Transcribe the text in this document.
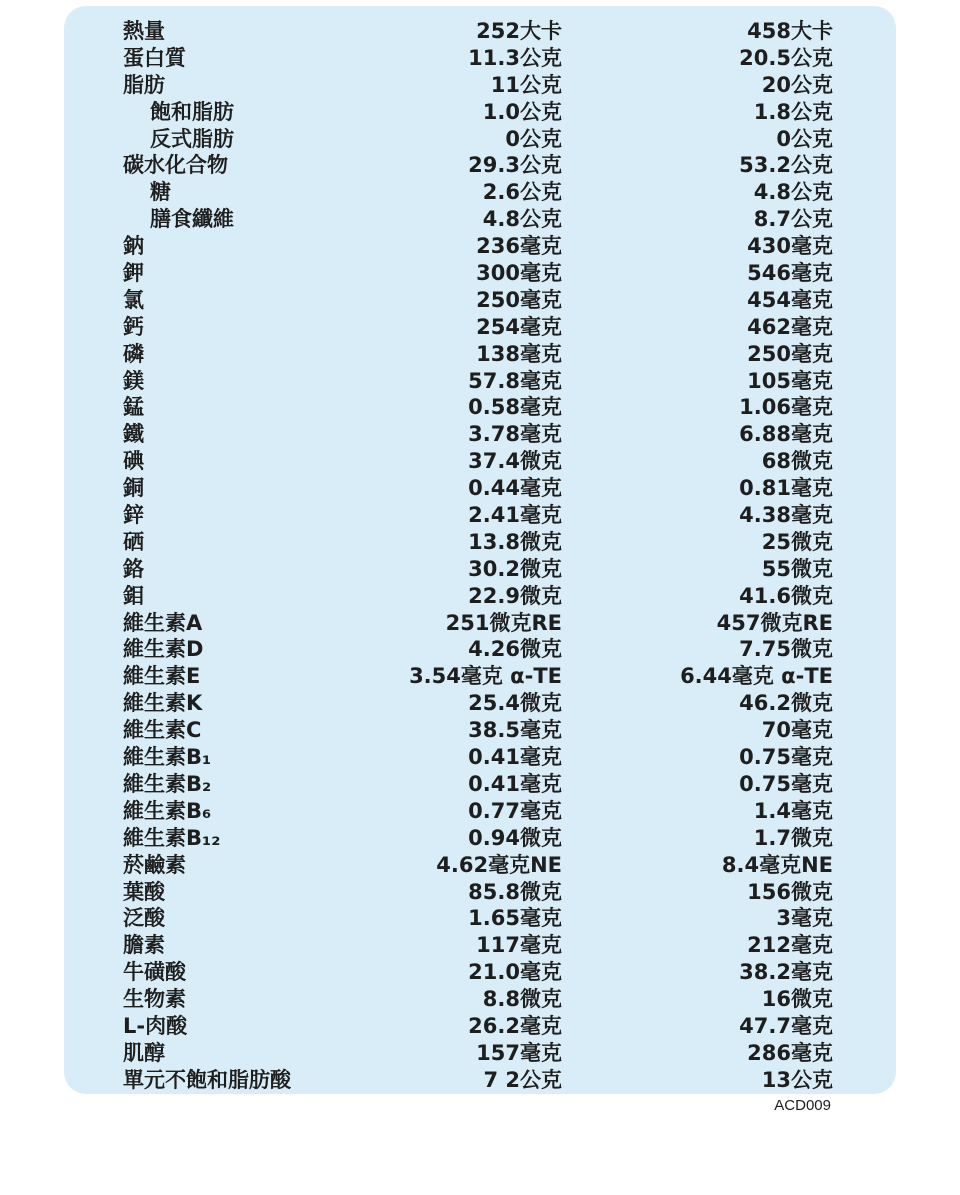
熱量	252大卡	458大卡
蛋白質	11.3公克	20.5公克
脂肪	11公克	20公克
飽和脂肪	1.0公克	1.8公克
反式脂肪	0公克	0公克
碳水化合物	29.3公克	53.2公克
糖	2.6公克	4.8公克
膳食纖維	4.8公克	8.7公克
鈉	236毫克	430毫克
鉀	300毫克	546毫克
氯	250毫克	454毫克
鈣	254毫克	462毫克
磷	138毫克	250毫克
鎂	57.8毫克	105毫克
錳	0.58毫克	1.06毫克
鐵	3.78毫克	6.88毫克
碘	37.4微克	68微克
銅	0.44毫克	0.81毫克
鋅	2.41毫克	4.38毫克
硒	13.8微克	25微克
鉻	30.2微克	55微克
鉬	22.9微克	41.6微克
維生素A	251微克RE	457微克RE
維生素D	4.26微克	7.75微克
維生素E	3.54毫克 α-TE	6.44毫克 α-TE
維生素K	25.4微克	46.2微克
維生素C	38.5毫克	70毫克
維生素B₁	0.41毫克	0.75毫克
維生素B₂	0.41毫克	0.75毫克
維生素B₆	0.77毫克	1.4毫克
維生素B₁₂	0.94微克	1.7微克
菸鹼素	4.62毫克NE	8.4毫克NE
葉酸	85.8微克	156微克
泛酸	1.65毫克	3毫克
膽素	117毫克	212毫克
牛磺酸	21.0毫克	38.2毫克
生物素	8.8微克	16微克
L-肉酸	26.2毫克	47.7毫克
肌醇	157毫克	286毫克
單元不飽和脂肪酸	7 2公克	13公克
ACD009
